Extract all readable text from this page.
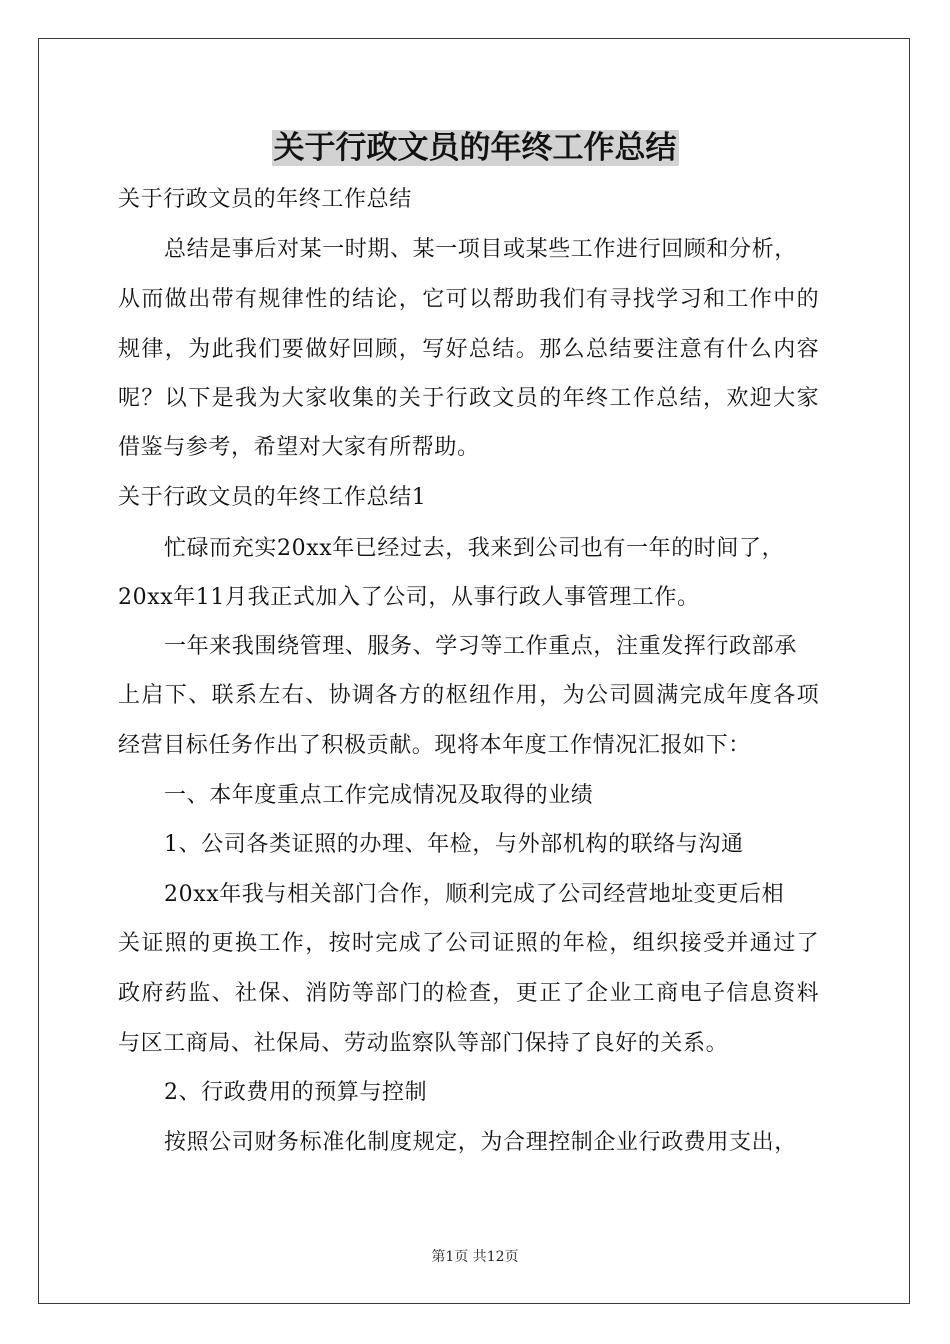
关于行政文员的年终工作总结
关于行政文员的年终工作总结
总结是事后对某一时期、某一项目或某些工作进行回顾和分析，
从而做出带有规律性的结论，它可以帮助我们有寻找学习和工作中的
规律，为此我们要做好回顾，写好总结。那么总结要注意有什么内容
呢？以下是我为大家收集的关于行政文员的年终工作总结，欢迎大家
借鉴与参考，希望对大家有所帮助。
关于行政文员的年终工作总结1
忙碌而充实20xx年已经过去，我来到公司也有一年的时间了，
20xx年11月我正式加入了公司，从事行政人事管理工作。
一年来我围绕管理、服务、学习等工作重点，注重发挥行政部承
上启下、联系左右、协调各方的枢纽作用，为公司圆满完成年度各项
经营目标任务作出了积极贡献。现将本年度工作情况汇报如下：
一、本年度重点工作完成情况及取得的业绩
1、公司各类证照的办理、年检，与外部机构的联络与沟通
20xx年我与相关部门合作，顺利完成了公司经营地址变更后相
关证照的更换工作，按时完成了公司证照的年检，组织接受并通过了
政府药监、社保、消防等部门的检查，更正了企业工商电子信息资料
与区工商局、社保局、劳动监察队等部门保持了良好的关系。
2、行政费用的预算与控制
按照公司财务标准化制度规定，为合理控制企业行政费用支出，
第1页 共12页
